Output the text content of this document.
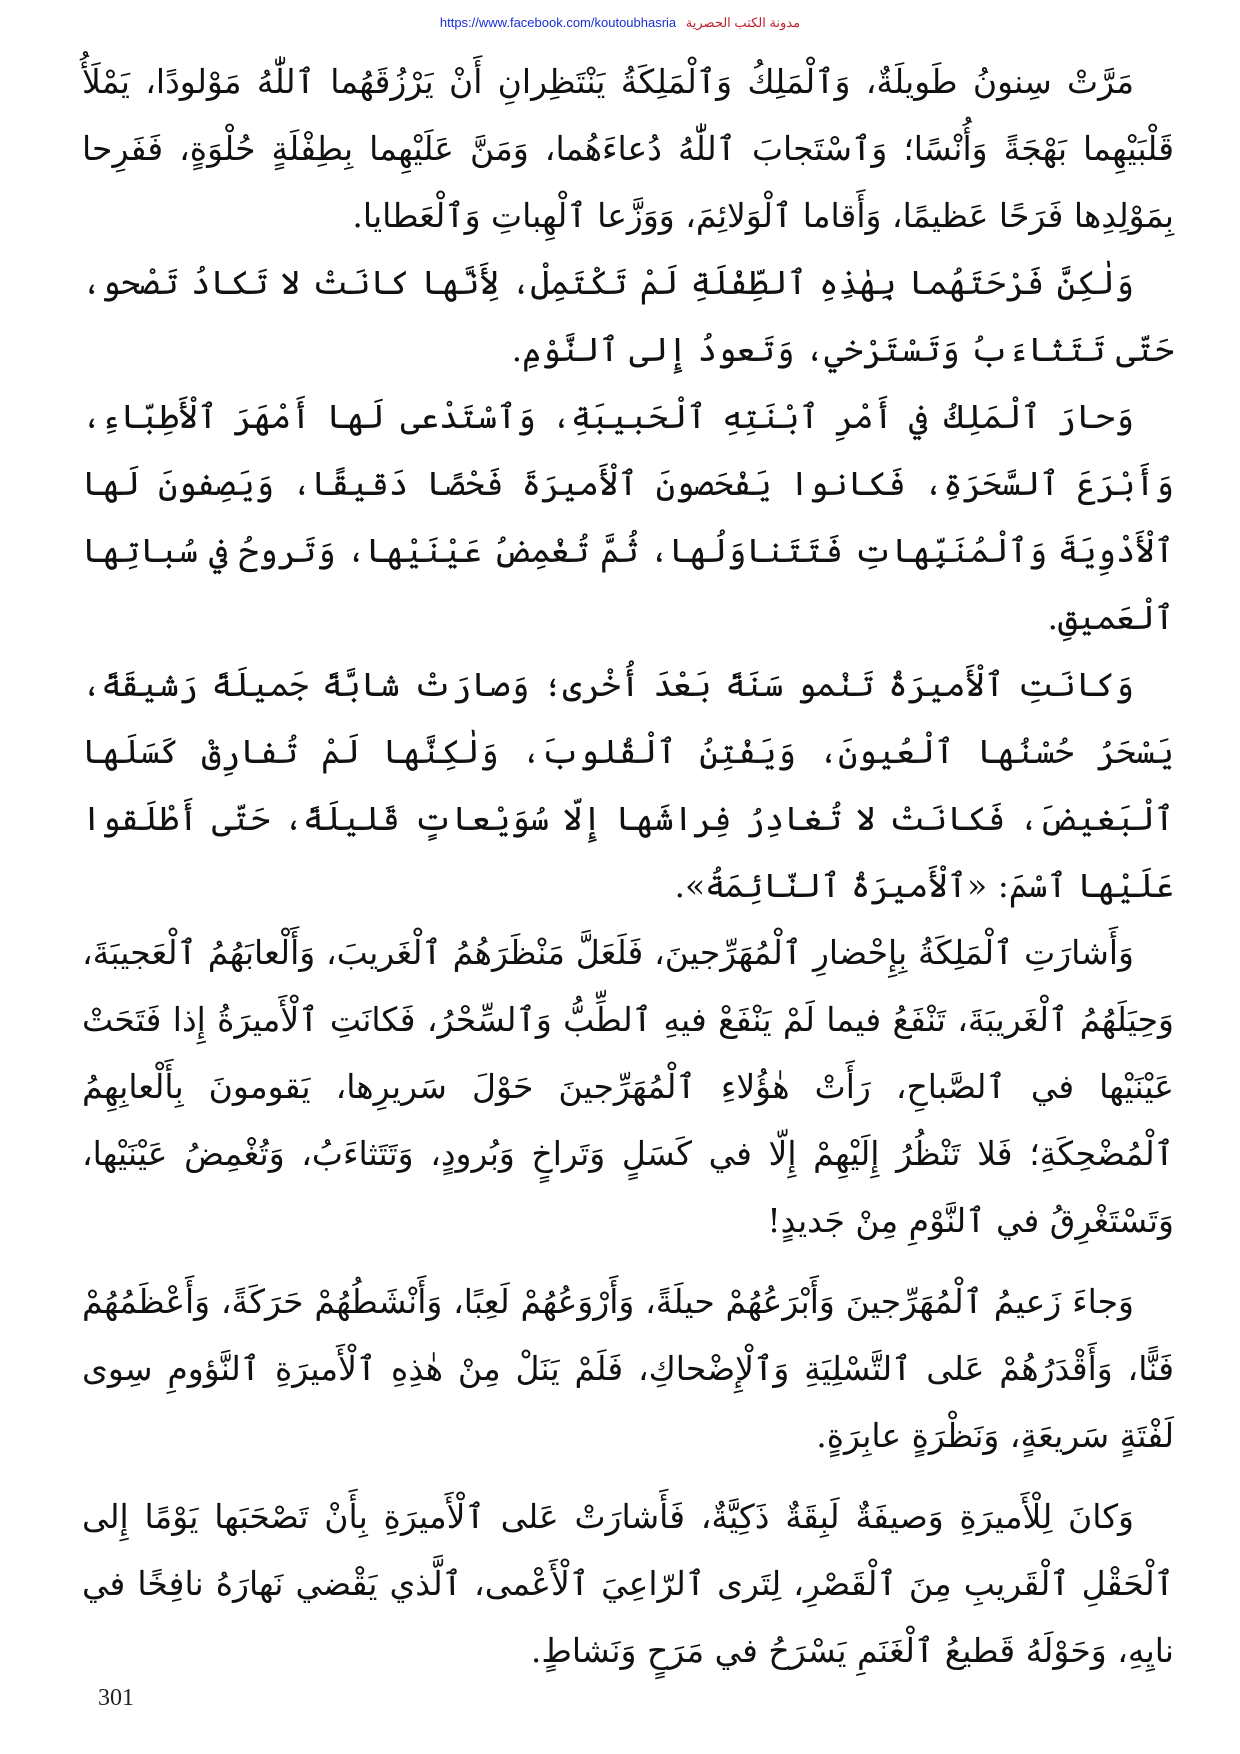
https://www.facebook.com/koutoubhasria مدونة الكتب الحصرية

مَرَّتْ سِنونُ طَويلَةٌ، وَٱلْمَلِكُ وَٱلْمَلِكَةُ يَنْتَظِرانِ أَنْ يَرْزُقَهُما ٱللّٰهُ مَوْلودًا، يَمْلَأُ قَلْبَيْهِما بَهْجَةً وَأُنْسًا؛ وَٱسْتَجابَ ٱللّٰهُ دُعاءَهُما، وَمَنَّ عَلَيْهِما بِطِفْلَةٍ حُلْوَةٍ، فَفَرِحا بِمَوْلِدِها فَرَحًا عَظيمًا، وَأَقاما ٱلْوَلائِمَ، وَوَزَّعا ٱلْهِباتِ وَٱلْعَطايا.

وَلٰكِنَّ فَرْحَتَهُما بِهٰذِهِ ٱلطِّفْلَةِ لَمْ تَكْتَمِلْ، لِأَنَّها كانَتْ لا تَكادُ تَصْحو، حَتّى تَتَثاءَبُ وَتَسْتَرْخي، وَتَعودُ إِلى ٱلنَّوْمِ.

وَحارَ ٱلْمَلِكُ في أَمْرِ ٱبْنَتِهِ ٱلْحَبيبَةِ، وَٱسْتَدْعى لَها أَمْهَرَ ٱلْأَطِبّاءِ، وَأَبْرَعَ ٱلسَّحَرَةِ، فَكانوا يَفْحَصونَ ٱلْأَميرَةَ فَحْصًا دَقيقًا، وَيَصِفونَ لَها ٱلْأَدْوِيَةَ وَٱلْمُنَبِّهاتِ فَتَتَناوَلُها، ثُمَّ تُغْمِضُ عَيْنَيْها، وَتَروحُ في سُباتِها ٱلْعَميقِ.

وَكانَتِ ٱلْأَميرَةُ تَنْمو سَنَةً بَعْدَ أُخْرى؛ وَصارَتْ شابَّةً جَميلَةً رَشيقَةً، يَسْحَرُ حُسْنُها ٱلْعُيونَ، وَيَفْتِنُ ٱلْقُلوبَ، وَلٰكِنَّها لَمْ تُفارِقْ كَسَلَها ٱلْبَغيضَ، فَكانَتْ لا تُغادِرُ فِراشَها إِلّا سُوَيْعاتٍ قَليلَةً، حَتّى أَطْلَقوا عَلَيْها ٱسْمَ: «ٱلْأَميرَةُ ٱلنّائِمَةُ».

وَأَشارَتِ ٱلْمَلِكَةُ بِإِحْضارِ ٱلْمُهَرِّجينَ، فَلَعَلَّ مَنْظَرَهُمُ ٱلْغَريبَ، وَأَلْعابَهُمُ ٱلْعَجيبَةَ، وَحِيَلَهُمُ ٱلْغَريبَةَ، تَنْفَعُ فيما لَمْ يَنْفَعْ فيهِ ٱلطِّبُّ وَٱلسِّحْرُ، فَكانَتِ ٱلْأَميرَةُ إِذا فَتَحَتْ عَيْنَيْها في ٱلصَّباحِ، رَأَتْ هٰؤُلاءِ ٱلْمُهَرِّجينَ حَوْلَ سَريرِها، يَقومونَ بِأَلْعابِهِمُ ٱلْمُضْحِكَةِ؛ فَلا تَنْظُرُ إِلَيْهِمْ إِلّا في كَسَلٍ وَتَراخٍ وَبُرودٍ، وَتَتَثاءَبُ، وَتُغْمِضُ عَيْنَيْها، وَتَسْتَغْرِقُ في ٱلنَّوْمِ مِنْ جَديدٍ!

وَجاءَ زَعيمُ ٱلْمُهَرِّجينَ وَأَبْرَعُهُمْ حيلَةً، وَأَرْوَعُهُمْ لَعِبًا، وَأَنْشَطُهُمْ حَرَكَةً، وَأَعْظَمُهُمْ فَنًّا، وَأَقْدَرُهُمْ عَلى ٱلتَّسْلِيَةِ وَٱلْإِضْحاكِ، فَلَمْ يَنَلْ مِنْ هٰذِهِ ٱلْأَميرَةِ ٱلنَّؤومِ سِوى لَفْتَةٍ سَريعَةٍ، وَنَظْرَةٍ عابِرَةٍ.

وَكانَ لِلْأَميرَةِ وَصيفَةٌ لَبِقَةٌ ذَكِيَّةٌ، فَأَشارَتْ عَلى ٱلْأَميرَةِ بِأَنْ تَصْحَبَها يَوْمًا إِلى ٱلْحَقْلِ ٱلْقَريبِ مِنَ ٱلْقَصْرِ، لِتَرى ٱلرّاعِيَ ٱلْأَعْمى، ٱلَّذي يَقْضي نَهارَهُ نافِخًا في نايِهِ، وَحَوْلَهُ قَطيعُ ٱلْغَنَمِ يَسْرَحُ في مَرَحٍ وَنَشاطٍ.

301
